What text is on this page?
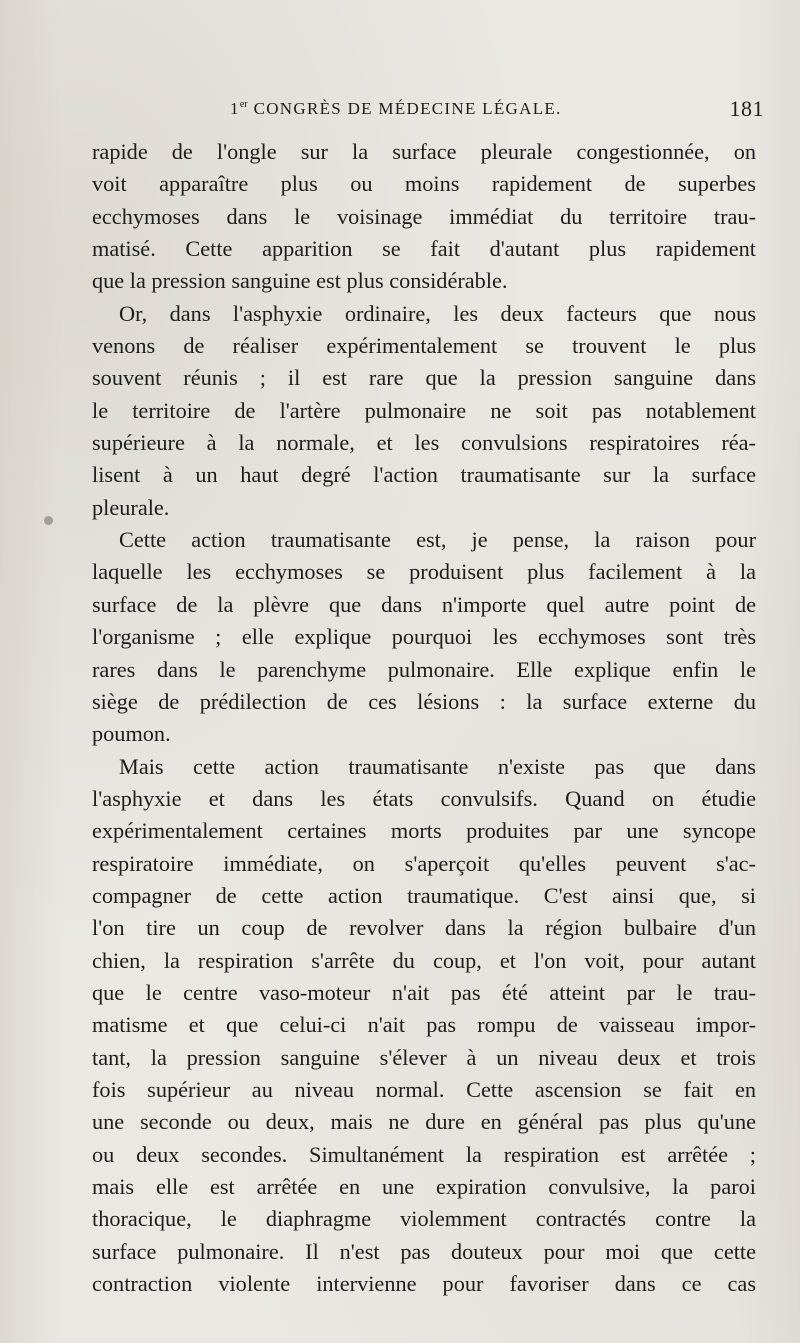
1er CONGRÈS DE MÉDECINE LÉGALE.	181
rapide de l'ongle sur la surface pleurale congestionnée, on
voit apparaître plus ou moins rapidement de superbes
ecchymoses dans le voisinage immédiat du territoire trau-
matisé. Cette apparition se fait d'autant plus rapidement
que la pression sanguine est plus considérable.
Or, dans l'asphyxie ordinaire, les deux facteurs que nous
venons de réaliser expérimentalement se trouvent le plus
souvent réunis ; il est rare que la pression sanguine dans
le territoire de l'artère pulmonaire ne soit pas notablement
supérieure à la normale, et les convulsions respiratoires réa-
lisent à un haut degré l'action traumatisante sur la surface
pleurale.
Cette action traumatisante est, je pense, la raison pour
laquelle les ecchymoses se produisent plus facilement à la
surface de la plèvre que dans n'importe quel autre point de
l'organisme ; elle explique pourquoi les ecchymoses sont très
rares dans le parenchyme pulmonaire. Elle explique enfin le
siège de prédilection de ces lésions : la surface externe du
poumon.
Mais cette action traumatisante n'existe pas que dans
l'asphyxie et dans les états convulsifs. Quand on étudie
expérimentalement certaines morts produites par une syncope
respiratoire immédiate, on s'aperçoit qu'elles peuvent s'ac-
compagner de cette action traumatique. C'est ainsi que, si
l'on tire un coup de revolver dans la région bulbaire d'un
chien, la respiration s'arrête du coup, et l'on voit, pour autant
que le centre vaso-moteur n'ait pas été atteint par le trau-
matisme et que celui-ci n'ait pas rompu de vaisseau impor-
tant, la pression sanguine s'élever à un niveau deux et trois
fois supérieur au niveau normal. Cette ascension se fait en
une seconde ou deux, mais ne dure en général pas plus qu'une
ou deux secondes. Simultanément la respiration est arrêtée ;
mais elle est arrêtée en une expiration convulsive, la paroi
thoracique, le diaphragme violemment contractés contre la
surface pulmonaire. Il n'est pas douteux pour moi que cette
contraction violente intervienne pour favoriser dans ce cas
